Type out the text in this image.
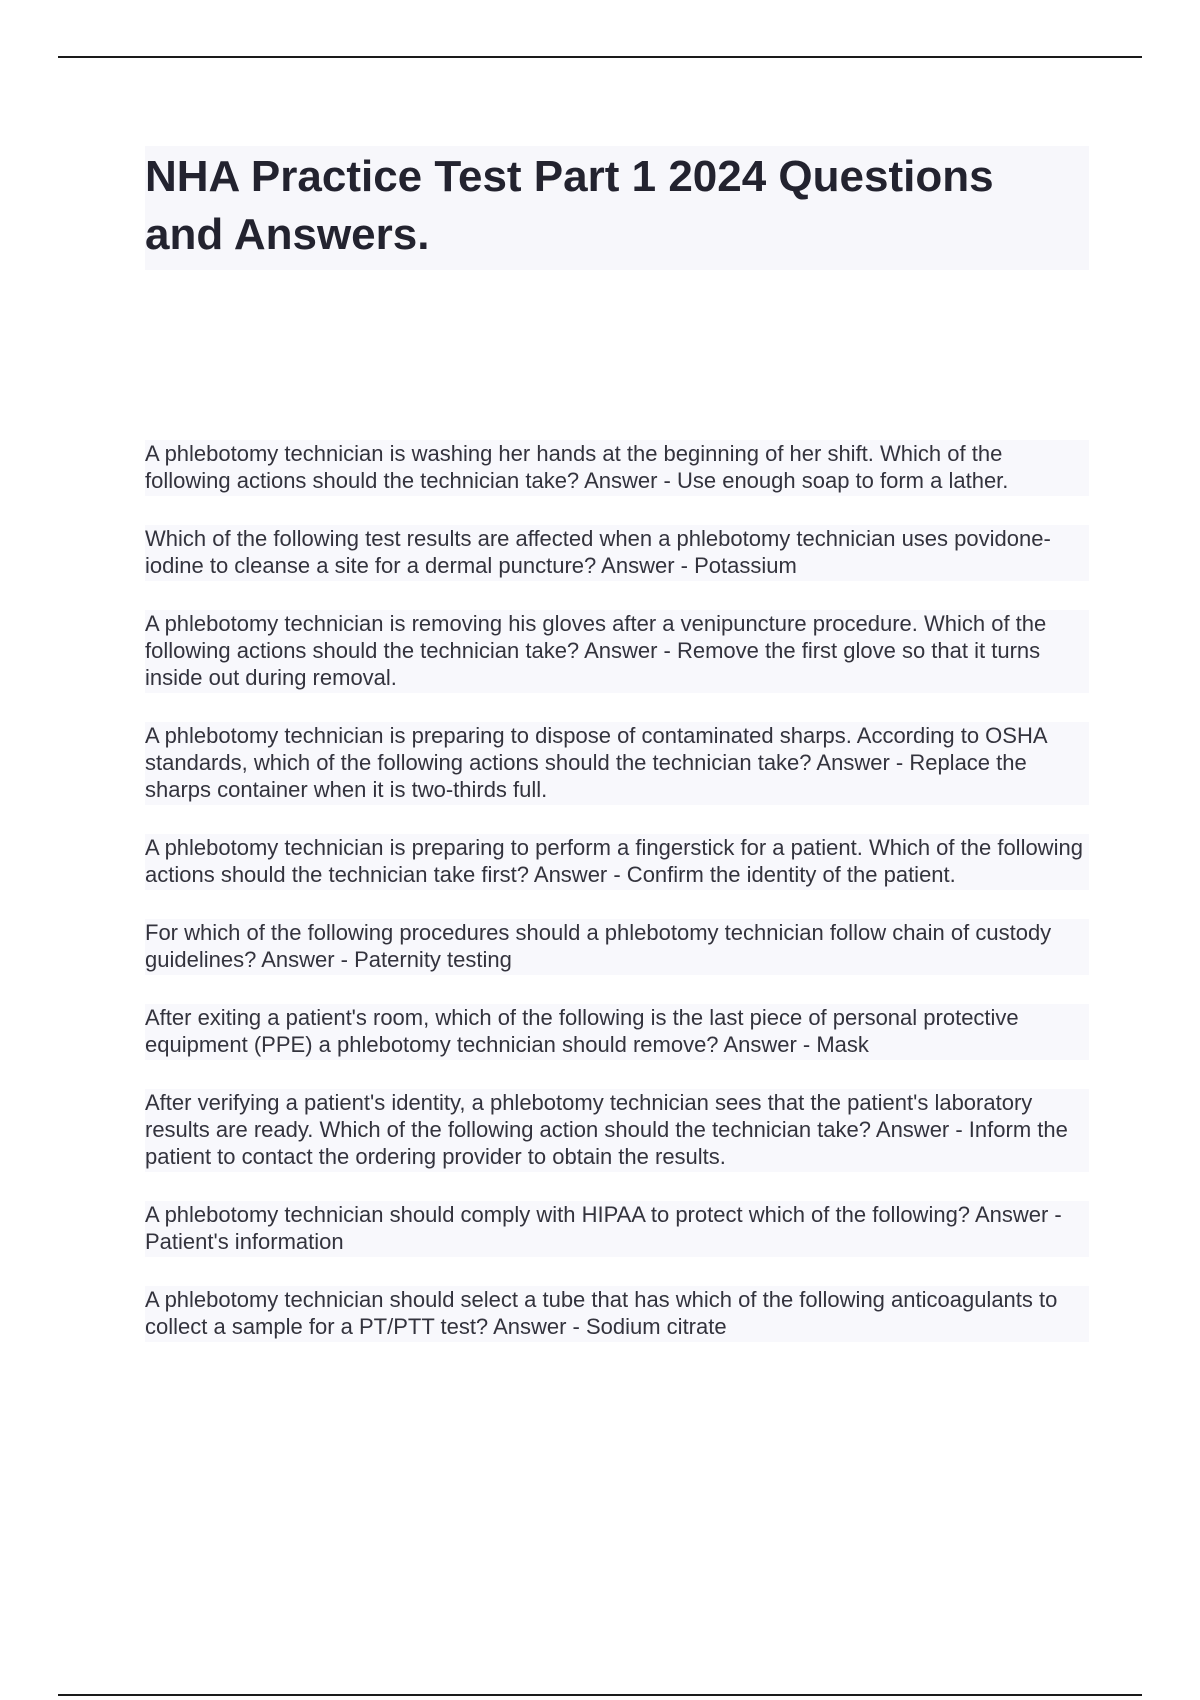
NHA Practice Test Part 1 2024 Questions and Answers.

A phlebotomy technician is washing her hands at the beginning of her shift. Which of the following actions should the technician take? Answer - Use enough soap to form a lather.

Which of the following test results are affected when a phlebotomy technician uses povidone-iodine to cleanse a site for a dermal puncture? Answer - Potassium

A phlebotomy technician is removing his gloves after a venipuncture procedure. Which of the following actions should the technician take? Answer - Remove the first glove so that it turns inside out during removal.

A phlebotomy technician is preparing to dispose of contaminated sharps. According to OSHA standards, which of the following actions should the technician take? Answer - Replace the sharps container when it is two-thirds full.

A phlebotomy technician is preparing to perform a fingerstick for a patient. Which of the following actions should the technician take first? Answer - Confirm the identity of the patient.

For which of the following procedures should a phlebotomy technician follow chain of custody guidelines? Answer - Paternity testing

After exiting a patient's room, which of the following is the last piece of personal protective equipment (PPE) a phlebotomy technician should remove? Answer - Mask

After verifying a patient's identity, a phlebotomy technician sees that the patient's laboratory results are ready. Which of the following action should the technician take? Answer - Inform the patient to contact the ordering provider to obtain the results.

A phlebotomy technician should comply with HIPAA to protect which of the following? Answer - Patient's information

A phlebotomy technician should select a tube that has which of the following anticoagulants to collect a sample for a PT/PTT test? Answer - Sodium citrate
